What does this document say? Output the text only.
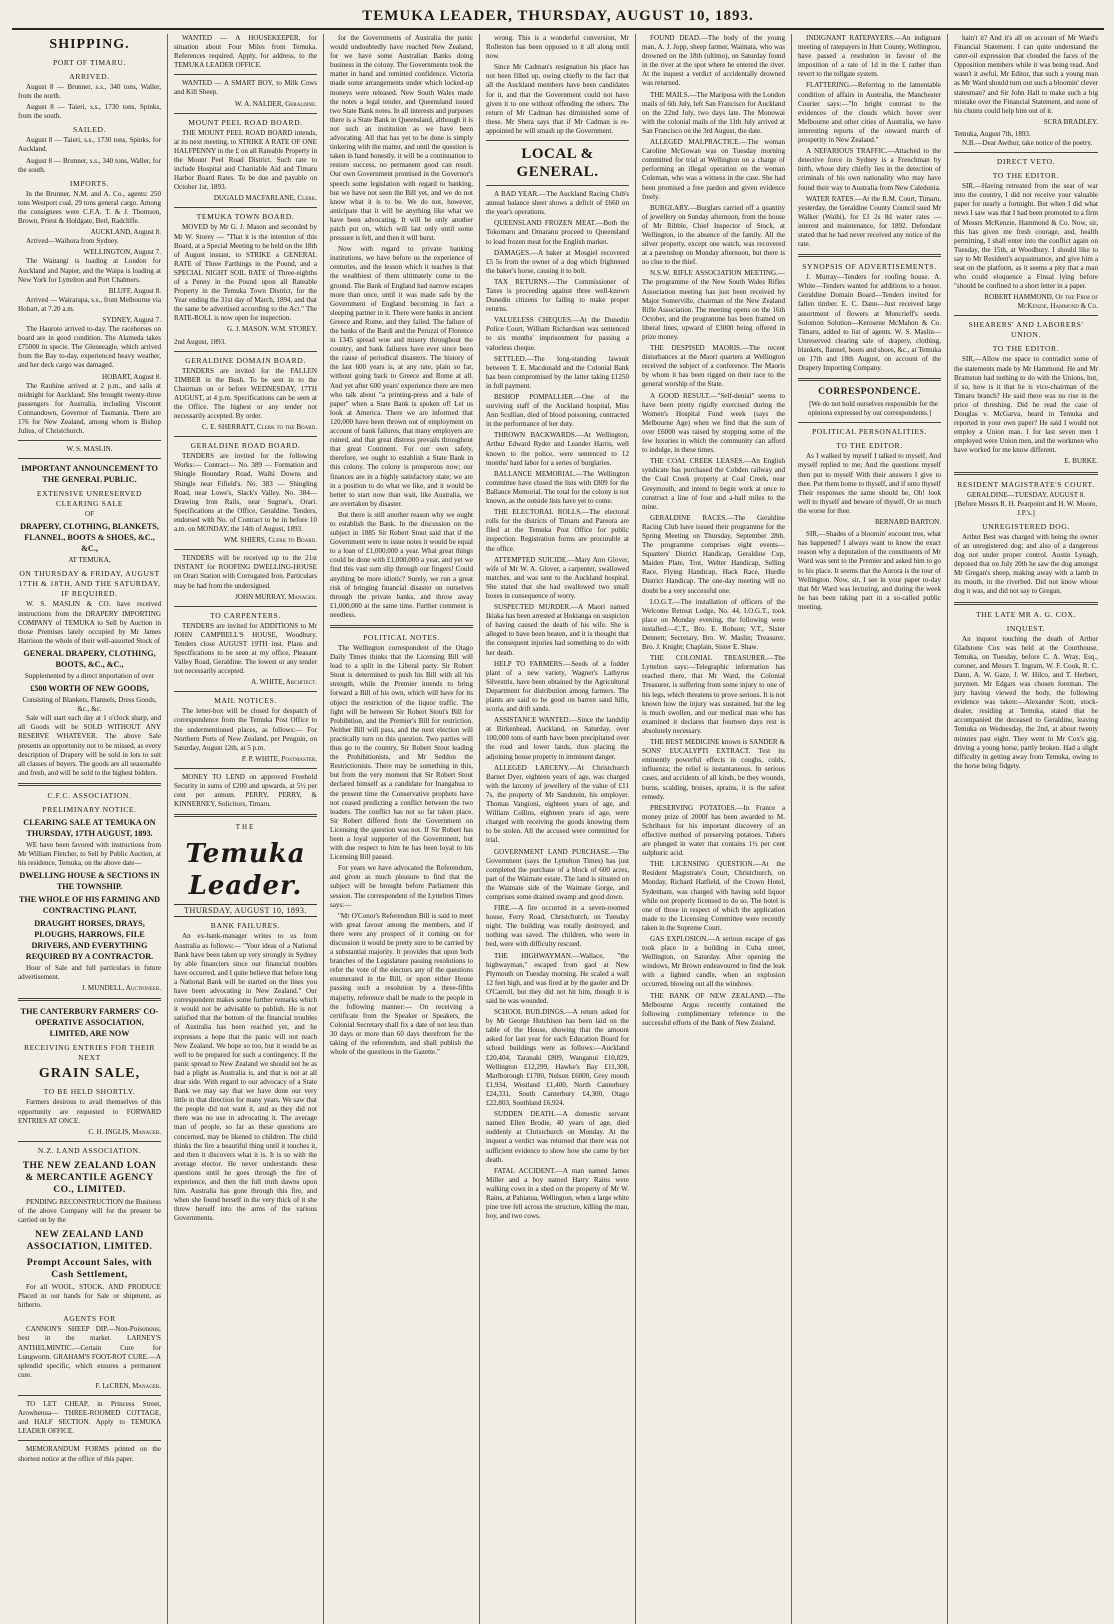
TEMUKA LEADER, THURSDAY, AUGUST 10, 1893.
SHIPPING.
PORT OF TIMARU.
ARRIVED.

August 8 — Brunner, s.s., 340 tons, Waller, from the north.

August 8 — Taieri, s.s., 1730 tons, Spinks, from the south.

SAILED.

August 8 — Taieri, s.s., 1730 tons, Spinks, for Auckland.

August 8 — Brunner, s.s., 340 tons, Waller, for the south.

IMPORTS.

In the Brunner, N.M. and A. Co., agents: 250 tons Westport coal, 29 tons general cargo. Among the consignees were C.F.A. T. & J. Thomson, Brown, Priest & Holdgate, Berl, Radcliffe.

AUCKLAND, August 8.

Arrived—Waihora from Sydney.

WELLINGTON, August 7.

The Waitangi is loading at London for Auckland and Napier, and the Waipa is loading at New York for Lyttelton and Port Chalmers.

BLUFF, August 8.

Arrived — Wairarapa, s.s., from Melbourne via Hobart, at 7.20 a.m.

SYDNEY, August 7.

The Hauroto arrived to-day. The racehorses on board are in good condition. The Alameda takes £75000 in specie. The Gleneeagle, which arrived from the Bay to-day, experienced heavy weather, and her deck cargo was damaged.

HOBART, August 8.

The Rauhine arrived at 2 p.m., and sails at midnight for Auckland. She brought twenty-three passengers for Australia, including Viscount Cotmandown, Governor of Tasmania. There are 176 for New Zealand, among whom is Bishop Julius, of Christchurch.

W. S. MASLIN.
IMPORTANT ANNOUNCEMENT TO THE GENERAL PUBLIC.
EXTENSIVE UNRESERVED CLEARING SALE
OF
DRAPERY, CLOTHING, BLANKETS, FLANNEL, BOOTS & SHOES, &C., &C.,
AT TEMUKA,
ON THURSDAY & FRIDAY, AUGUST 17TH & 18TH, AND THE SATURDAY, IF REQUIRED.

W. S. MASLIN & CO. have received instructions from the DRAPERY IMPORTING COMPANY of TEMUKA to Sell by Auction in those Premises lately occupied by Mr James Harrison the whole of their well-assorted Stock of

GENERAL DRAPERY, CLOTHING, BOOTS, &C., &C.,
Supplemented by a direct importation of over
£500 WORTH OF NEW GOODS,
Consisting of Blankets, Flannels, Dress Goods, &c., &c.

Sale will start each day at 1 o'clock sharp, and all Goods will be SOLD WITHOUT ANY RESERVE WHATEVER. The above Sale presents an opportunity not to be missed, as every description of Drapery will be sold in lots to suit all classes of buyers. The goods are all seasonable and fresh, and will be sold to the highest bidders.

C.F.C. ASSOCIATION.
PRELIMINARY NOTICE.
CLEARING SALE AT TEMUKA ON THURSDAY, 17TH AUGUST, 1893.

WE have been favored with instructions from Mr William Fletcher, to Sell by Public Auction, at his residence, Temuka, on the above date—

DWELLING HOUSE & SECTIONS IN THE TOWNSHIP.
THE WHOLE OF HIS FARMING AND CONTRACTING PLANT,
DRAUGHT HORSES, DRAYS, PLOUGHS, HARROWS, FILE DRIVERS, AND EVERYTHING REQUIRED BY A CONTRACTOR.

Hour of Sale and full particulars in future advertisement.

J. MUNDELL, Auctioneer.
THE CANTERBURY FARMERS' CO-OPERATIVE ASSOCIATION, LIMITED, ARE NOW
RECEIVING ENTRIES FOR THEIR NEXT
GRAIN SALE,
TO BE HELD SHORTLY.

Farmers desirous to avail themselves of this opportunity are requested to FORWARD ENTRIES AT ONCE.

C. H. INGLIS, Manager.
N.Z. LAND ASSOCIATION.
THE NEW ZEALAND LOAN & MERCANTILE AGENCY CO., LIMITED.

PENDING RECONSTRUCTION the Business of the above Company will for the present be carried on by the

NEW ZEALAND LAND ASSOCIATION, LIMITED.
Prompt Account Sales, with Cash Settlement,

For all WOOL, STOCK, AND PRODUCE Placed in our hands for Sale or shipment, as hitherto.

AGENTS FOR

CANNON'S SHEEP DIP.—Non-Poisonous; best in the market. LARNEY'S ANTHELMINTIC.—Certain Cure for Lungworm. GRAHAM'S FOOT-ROT CURE.—A splendid specific, which ensures a permanent cure.

F. LeCREN, Manager.

TO LET CHEAP, in Princess Street, Arowhenua— THREE-ROOMED COTTAGE, and HALF SECTION. Apply to TEMUKA LEADER OFFICE.

MEMORANDUM FORMS printed on the shortest notice at the office of this paper.

WANTED — A HOUSEKEEPER, for situation about Four Miles from Temuka. References required. Apply, for address, to the TEMUKA LEADER OFFICE.

WANTED — A SMART BOY, to Milk Cows and Kill Sheep.

W. A. NALDER, Geraldine.
MOUNT PEEL ROAD BOARD.

THE MOUNT PEEL ROAD BOARD intends, at its next meeting, to STRIKE A RATE OF ONE HALFPENNY in the £ on all Rateable Property in the Mount Peel Road District. Such rate to include Hospital and Charitable Aid and Timaru Harbor Board Rates. To be due and payable on October 1st, 1893.

DUGALD MACFARLANE, Clerk.
TEMUKA TOWN BOARD.

MOVED by Mr G. J. Mason and seconded by Mr W. Storey — "That it is the intention of this Board, at a Special Meeting to be held on the 18th of August instant, to STRIKE a GENERAL RATE of Three Farthings in the Pound, and a SPECIAL NIGHT SOIL RATE of Three-eighths of a Penny in the Pound upon all Rateable Property in the Temuka Town District, for the Year ending the 31st day of March, 1894, and that the same be advertised according to the Act." The RATE-ROLL is now open for inspection.

G. J. MASON. W.M. STOREY.
2nd August, 1893.
GERALDINE DOMAIN BOARD.

TENDERS are invited for the FALLEN TIMBER in the Bush. To be sent in to the Chairman on or before WEDNESDAY, 17TH AUGUST, at 4 p.m. Specifications can be seen at the Office. The highest or any tender not necessarily accepted. By order.

C. E. SHERRATT, Clerk to the Board.
GERALDINE ROAD BOARD.

TENDERS are invited for the following Works:— Contract— No. 389 — Formation and Shingle Boundary Road, Waihi Downs and Shingle near Fifield's. No. 383 — Shingling Road, near Lowe's, Slack's Valley. No. 384—Drawing Iron Rails, near Sugrue's, Orari. Specifications at the Office, Geraldine. Tenders, endorsed with No. of Contract to be in before 10 a.m. on MONDAY, the 14th of August, 1893.

WM. SHIERS, Clerk to Board.

TENDERS will be received up to the 21st INSTANT for ROOFING DWELLING-HOUSE on Orari Station with Corrugated Iron. Particulars may be had from the undersigned.

JOHN MURRAY, Manager.
TO CARPENTERS.

TENDERS are invited for ADDITIONS to Mr JOHN CAMPBELL'S HOUSE, Woodbury. Tenders close AUGUST 19TH inst. Plans and Specifications to be seen at my office, Pleasant Valley Road, Geraldine. The lowest or any tender not necessarily accepted.

A. WHITE, Architect.
MAIL NOTICES.

The letter-box will be closed for despatch of correspondence from the Temuka Post Office to the undermentioned places, as follows:— For Northern Ports of New Zealand, per Penguin, on Saturday, August 12th, at 5 p.m.

P. P. WHITE, Postmaster.

MONEY TO LEND on approved Freehold Security in sums of £200 and upwards, at 5½ per cent per annum. PERRY, PERRY, & KINNERNEY, Solicitors, Timaru.

THE
Temuka Leader.
THURSDAY, AUGUST 10, 1893.
BANK FAILURES.

An ex-bank-manager writes to us from Australia as follows:— "Your ideas of a National Bank have been taken up very strongly in Sydney by able financiers since our financial troubles have occurred, and I quite believe that before long a National Bank will be started on the lines you have been advocating in New Zealand." Our correspondent makes some further remarks which it would not be advisable to publish. He is not satisfied that the bottom of the financial troubles of Australia has been reached yet, and he expresses a hope that the panic will not reach New Zealand. We hope so too, but it would be as well to be prepared for such a contingency. If the panic spread to New Zealand we should not be as bad a plight as Australia is, and that is not at all dear side. With regard to our advocacy of a State Bank we may say that we have done our very little in that direction for many years. We saw that the people did not want it, and as they did not there was no use in advocating it. The average man of people, so far as these questions are concerned, may be likened to children. The child thinks the fire a beautiful thing until it touches it, and then it discovers what it is. It is so with the average elector. He never understands these questions until he goes through the fire of experience, and then the full truth dawns upon him. Australia has gone through this fire, and when she found herself in the very thick of it she threw herself into the arms of the various Governments.

for the Governments of Australia the panic would undoubtedly have reached New Zealand, for we have some Australian Banks doing business in the colony. The Governments took the matter in hand and remitted confidence. Victoria made some arrangements under which locked-up moneys were released. New South Wales made the notes a legal tender, and Queensland issued two State Bank notes. In all interests and purposes there is a State Bank in Queensland, although it is not such an institution as we have been advocating. All that has yet to be done is simply tinkering with the matter, and until the question is taken in hand honestly, it will be a continuation to restore success, no permanent good can result. Our own Government promised in the Governor's speech some legislation with regard to banking, but we have not seen the Bill yet, and we do not know what it is to be. We do not, however, anticipate that it will be anything like what we have been advocating. It will be only another patch put on, which will last only until some pressure is felt, and then it will burst.

Now with regard to private banking institutions, we have before us the experience of centuries, and the lesson which it teaches is that the wealthiest of them ultimately come to the ground. The Bank of England had narrow escapes more than once, until it was made safe by the Government of England becoming in fact a sleeping partner in it. There were banks in ancient Greece and Rome, and they failed. The failure of the banks of the Bardi and the Peruzzi of Florence in 1345 spread woe and misery throughout the country, and bank failures have ever since been the cause of periodical disasters. The history of the last 600 years is, at any rate, plain so far, without going back to Greece and Rome at all. And yet after 600 years' experience there are men who talk about "a printing-press and a bale of paper" when a State Bank is spoken of! Let us look at America. There we are informed that 120,000 have been thrown out of employment on account of bank failures, that many employers are ruined, and that great distress prevails throughout that great Continent. For our own safety, therefore, we ought to establish a State Bank in this colony. The colony is prosperous now; our finances are in a highly satisfactory state; we are in a position to do what we like, and it would be better to start now than wait, like Australia, we are overtaken by disaster.

But there is still another reason why we ought to establish the Bank. In the discussion on the subject in 1885 Sir Robert Stout said that if the Government were to issue notes it would be equal to a loan of £1,000,000 a year. What great things could be done with £1,000,000 a year, and yet we find this vast sum slip through our fingers! Could anything be more idiotic? Surely, we run a great risk of bringing financial disaster on ourselves through the private banks, and throw away £1,000,000 at the same time. Further comment is needless.

POLITICAL NOTES.

The Wellington correspondent of the Otago Daily Times thinks that the Licensing Bill will lead to a split in the Liberal party. Sir Robert Stout is determined to push his Bill with all his strength, while the Premier intends to bring forward a Bill of his own, which will have for its object the restriction of the liquor traffic. The fight will be between Sir Robert Stout's Bill for Prohibition, and the Premier's Bill for restriction. Neither Bill will pass, and the next election will practically turn on this question. Two parties will thus go to the country, Sir Robert Stout leading the Prohibitionists, and Mr Seddon the Restrictionists. There may be something in this, but from the very moment that Sir Robert Stout declared himself as a candidate for Inangahua to the present time the Conservative prophets have not ceased predicting a conflict between the two leaders. The conflict has not so far taken place. Sir Robert differed from the Government on Licensing the question was not. If Sir Robert has been a loyal supporter of the Government, but with due respect to him he has been loyal to his Licensing Bill passed.

For years we have advocated the Referendum, and given as much pleasure to find that the subject will be brought before Parliament this session. The correspondent of the Lyttelton Times says:—

"Mr O'Conor's Referendum Bill is said to meet with great favour among the members, and if there were any prospect of it coming on for discussion it would be pretty sure to be carried by a substantial majority. It provides that upon both branches of the Legislature passing resolutions to refer the vote of the electors any of the questions enumerated in the Bill, or upon either House passing such a resolution by a three-fifths majority, reference shall be made to the people in the following manner:— On receiving a certificate from the Speaker or Speakers, the Colonial Secretary shall fix a date of not less than 30 days or more than 60 days therefrom for the taking of the referendum, and shall publish the whole of the questions in the Gazette."

wrong. This is a wonderful conversion, Mr Rolleston has been opposed to it all along until now.

Since Mr Cadman's resignation his place has not been filled up, owing chiefly to the fact that all the Auckland members have been candidates for it, and that the Government could not have given it to one without offending the others. The return of Mr Cadman has diminished some of these. Mr Shera says that if Mr Cadman is re-appointed he will smash up the Government.

LOCAL & GENERAL.

A BAD YEAR.—The Auckland Racing Club's annual balance sheet shows a deficit of £660 on the year's operations.

QUEENSLAND FROZEN MEAT.—Both the Tokomaru and Omaranu proceed to Queensland to load frozen meat for the English market.

DAMAGES.—A baker at Mosgiel recovered £5 5s from the owner of a dog which frightened the baker's horse, causing it to bolt.

TAX RETURNS.—The Commissioner of Taxes is proceeding against three well-known Dunedin citizens for failing to make proper returns.

VALUELESS CHEQUES.—At the Dunedin Police Court, William Richardson was sentenced to six months' imprisonment for passing a valueless cheque.

SETTLED.—The long-standing lawsuit between T. E. Macdonald and the Colonial Bank has been compromised by the latter taking £1250 in full payment.

BISHOP POMPALLIER.—One of the surviving staff of the Auckland hospital, Miss Ann Scullian, died of blood poisoning, contracted in the performance of her duty.

THROWN BACKWARDS.—At Wellington, Arthur Edward Ryder and Leander Harris, well known to the police, were sentenced to 12 months' hard labor for a series of burglaries.

BALLANCE MEMORIAL.—The Wellington committee have closed the lists with £809 for the Ballance Memorial. The total for the colony is not known, as the outside lists have yet to come.

THE ELECTORAL ROLLS.—The electoral rolls for the districts of Timaru and Pareora are filed at the Temuka Post Office for public inspection. Registration forms are procurable at the office.

ATTEMPTED SUICIDE.—Mary Ann Glover, wife of Mr W. A. Glover, a carpenter, swallowed matches, and was sent to the Auckland hospital. She stated that she had swallowed two small boxes in consequence of worry.

SUSPECTED MURDER.—A Maori named Ikiaka has been arrested at Hokianga on suspicion of having caused the death of his wife. She is alleged to have been beaten, and it is thought that the consequent injuries had something to do with her death.

HELP TO FARMERS.—Seeds of a fodder plant of a new variety, Wagner's Lathyrus Silvestris, have been obtained by the Agricultural Department for distribution among farmers. The plants are said to be good on barren sand hills, scoria, and drift sands.

ASSISTANCE WANTED.—Since the landslip at Birkenhead, Auckland, on Saturday, over 100,000 tons of earth have been precipitated over the road and lower lands, thus placing the adjoining house property in imminent danger.

ALLEGED LARCENY.—At Christchurch Barnet Dyer, eighteen years of age, was charged with the larceny of jewellery of the value of £11 7s, the property of Mr Sandstein, his employer. Thomas Vangioni, eighteen years of age, and William Collins, eighteen years of age, were charged with receiving the goods knowing them to be stolen. All the accused were committed for trial.

GOVERNMENT LAND PURCHASE.—The Government (says the Lyttelton Times) has just completed the purchase of a block of 600 acres, part of the Waimate estate. The land is situated on the Waimate side of the Waimate Gorge, and comprises some drained swamp and good down.

FIRE.—A fire occurred in a seven-roomed house, Ferry Road, Christchurch, on Tuesday night. The building was totally destroyed, and nothing was saved. The children, who were in bed, were with difficulty rescued.

THE HIGHWAYMAN.—Wallace, "the highwayman," escaped from gaol at New Plymouth on Tuesday morning. He scaled a wall 12 feet high, and was fired at by the gaoler and Dr O'Carroll, but they did not hit him, though it is said he was wounded.

SCHOOL BUILDINGS.—A return asked for by Mr George Hutchison has been laid on the table of the House, showing that the amount asked for last year for each Education Board for school buildings were as follows:—Auckland £20,404, Taranaki £809, Wanganui £10,829, Wellington £12,299, Hawke's Bay £11,308, Marlborough £1780, Nelson £6000, Grey mouth £1,934, Westland £1,400, North Canterbury £24,331, South Canterbury £4,300, Otago £22,803, Southland £6,924.

SUDDEN DEATH.—A domestic servant named Ellen Brodie, 40 years of age, died suddenly at Christchurch on Monday. At the inquest a verdict was returned that there was not sufficient evidence to show how she came by her death.

FATAL ACCIDENT.—A man named James Miller and a boy named Harry Rains were walking cows in a shed on the property of Mr W. Rains, at Pahiatua, Wellington, when a large white pine tree fell across the structure, killing the man, boy, and two cows.

FOUND DEAD.—The body of the young man, A. J. Jopp, sheep farmer, Waimata, who was drowned on the 18th (ultimo), on Saturday found in the river at the spot where he entered the river. At the inquest a verdict of accidentally drowned was returned.

THE MAILS.—The Mariposa with the London mails of 6th July, left San Francisco for Auckland on the 22nd July, two days late. The Monowai with the colonial mails of the 11th July arrived at San Francisco on the 3rd August, the date.

ALLEGED MALPRACTICE.—The woman Caroline McGowan was on Tuesday morning committed for trial at Wellington on a charge of performing an illegal operation on the woman Coleman, who was a witness in the case. She had been promised a free pardon and given evidence freely.

BURGLARY.—Burglars carried off a quantity of jewellery on Sunday afternoon, from the house of Mr Ribble, Chief Inspector of Stock, at Wellington, in the absence of the family. All the silver property, except one watch, was recovered at a pawnshop on Monday afternoon, but there is no clue to the thief.

N.S.W. RIFLE ASSOCIATION MEETING.—The programme of the New South Wales Rifles Association meeting has just been received by Major Somerville, chairman of the New Zealand Rifle Association. The meeting opens on the 16th October, and the programme has been framed on liberal lines, upward of £3000 being offered in prize money.

THE DESPISED MAORIS.—The recent disturbances at the Maori quarters at Wellington received the subject of a conference. The Maoris by whom it has been rigged on their race to the general worship of the State.

A GOOD RESULT.—"Self-denial" seems to have been pretty rigidly exercised during the Women's Hospital Fund week (says the Melbourne Age) when we find that the sum of over £6000 was raised by stopping some of the few luxuries in which the community can afford to indulge, in these times.

THE COAL CREEK LEASES.—An English syndicate has purchased the Cobden railway and the Coal Creek property at Coal Creek, near Greymouth, and intend to begin work at once to construct a line of four and a-half miles to the mine.

GERALDINE RACES.—The Geraldine Racing Club have issued their programme for the Spring Meeting on Thursday, September 28th. The programme comprises eight events—Squatters' District Handicap, Geraldine Cup, Maiden Plate, Trot, Welter Handicap, Selling Race, Flying Handicap, Hack Race, Hurdle District Handicap. The one-day meeting will no doubt be a very successful one.

I.O.G.T.—The installation of officers of the Welcome Retreat Lodge, No. 44, I.O.G.T., took place on Monday evening, the following were installed:—C.T., Bro. E. Robson; V.T., Sister Dennett; Secretary, Bro. W. Maslin; Treasurer, Bro. J. Knight; Chaplain, Sister E. Shaw.

THE COLONIAL TREASURER.—The Lyttelton says:—Telegraphic information has reached there, that Mr Ward, the Colonial Treasurer, is suffering from some injury to one of his legs, which threatens to prove serious. It is not known how the injury was sustained, but the leg is much swollen, and our medical man who has examined it declares that fourteen days rest is absolutely necessary.

THE BEST MEDICINE known is SANDER & SONS' EUCALYPTI EXTRACT. Test its eminently powerful effects in coughs, colds, influenza; the relief is instantaneous. In serious cases, and accidents of all kinds, be they wounds, burns, scalding, bruises, sprains, it is the safest remedy.

PRESERVING POTATOES.—In France a money prize of 2000f has been awarded to M. Schribaux for his important discovery of an effective method of preserving potatoes. Tubers are plunged in water that contains 1½ per cent sulphuric acid.

THE LICENSING QUESTION.—At the Resident Magistrate's Court, Christchurch, on Monday, Richard Hatfield, of the Crown Hotel, Sydenham, was charged with having sold liquor while not properly licensed to do so. The hotel is one of those in respect of which the application made to the Licensing Committee were recently taken in the Supreme Court.

GAS EXPLOSION.—A serious escape of gas took place in a building in Cuba street, Wellington, on Saturday. After opening the windows, Mr Brown endeavoured to find the leak with a lighted candle, when an explosion occurred, blowing out all the windows.

THE BANK OF NEW ZEALAND.—The Melbourne Argus recently contained the following complimentary reference to the successful efforts of the Bank of New Zealand.

INDIGNANT RATEPAYERS.—An indignant meeting of ratepayers in Hutt County, Wellington, have passed a resolution in favour of the imposition of a rate of 1d in the £ rather than revert to the tollgate system.

FLATTERING.—Referring to the lamentable condition of affairs in Australia, the Manchester Courier says:—"In bright contrast to the evidences of the clouds which hover over Melbourne and other cities of Australia, we have interesting reports of the onward march of prosperity in New Zealand."

A NEFARIOUS TRAFFIC.—Attached to the detective force in Sydney is a Frenchman by birth, whose duty chiefly lies in the detection of criminals of his own nationality who may have found their way to Australia from New Caledonia.

WATER RATES.—At the R.M. Court, Timaru, yesterday, the Geraldine County Council sued Mr Walker (Waihi), for £1 2s 8d water rates — interest and maintenance, for 1892. Defendant stated that he had never received any notice of the rate.

SYNOPSIS OF ADVERTISEMENTS.

J. Murray—Tenders for roofing house. A. White—Tenders wanted for additions to a house. Geraldine Domain Board—Tenders invited for fallen timber. E. C. Dann—Just received large assortment of flowers at Moncrieff's seeds. Solomon Solution—Kerosene McMahon & Co. Timaru, added to list of agents. W. S. Maslin—Unreserved clearing sale of drapery, clothing, blankets, flannel, boots and shoes, &c., at Temuka on 17th and 18th August, on account of the Drapery Importing Company.

CORRESPONDENCE.

[We do not hold ourselves responsible for the opinions expressed by our correspondents.]

POLITICAL PERSONALITIES.
TO THE EDITOR.

As I walked by myself I talked to myself, And myself replied to me; And the questions myself then put to myself With their answers I give to thee. Put them home to thyself, and if unto thyself Their responses the same should be, Oh! look well to thyself and beware of thyself, Or so much the worse for thee.

BERNARD BARTON.

SIR,—Shades of a bloomin' eocount tree, what has happened? I always want to know the exact reason why a deputation of the constituents of Mr Ward was sent to the Premier and asked him to go to his place. It seems that the Aurora is the tour of Wellington. Now, sir, I see in your paper to-day that Mr Ward was lecturing, and during the week he has been taking part in a so-called public meeting.

hain't it? And it's all on account of Mr Ward's Financial Statement. I can quite understand the cater-oil expression that clouded the faces of the Opposition members while it was being read. And wasn't it awful, Mr Editor, that such a young man as Mr Ward should turn out such a bloomin' clever statesman? and Sir John Hall to make such a big mistake over the Financial Statement, and none of his chums could help him out of it.

SCRA BRADLEY.
Temuka, August 7th, 1893.

N.B.—Dear Awthur, take notice of the poetry.

DIRECT VETO.
TO THE EDITOR.

SIR,—Having retreated from the seat of war into the country, I did not receive your valuable paper for nearly a fortnight. But when I did what news I saw was that I had been promoted to a firm of Messrs McKenzie, Hammond & Co. Now, sir, this has given me fresh courage, and, health permitting, I shall enter into the conflict again on Tuesday, the 15th, at Woodbury. I should like to say to Mr Resident's acquaintance, and give him a seat on the platform, as it seems a pity that a man who could eloquence a Finsal lying before "should be confined to a short letter in a paper.

ROBERT HAMMOND, Of the Firm of McKenzie, Hammond & Co.
SHEARERS' AND LABORERS' UNION.
TO THE EDITOR.

SIR,—Allow me space to contradict some of the statements made by Mr Hammond. He and Mr Bramston had nothing to do with the Unions, but, if so, how is it that he is vice-chairman of the Timaru branch? He said there was no rise in the price of threshing. Did he read the case of Douglas v. McGarva, heard in Temuka and reported in your own paper? He said I would not employ a Union man. I for last seven men I employed were Union men, and the workmen who have worked for me know different.

E. BURKE.
RESIDENT MAGISTRATE'S COURT.
GERALDINE—TUESDAY, AUGUST 8.
[Before Messrs R. H. Pearpoint and H. W. Moore, J.P.'s.]
UNREGISTERED DOG.

Arthur Best was charged with being the owner of an unregistered dog; and also of a dangerous dog not under proper control. Austin Lynagh, deposed that on July 20th he saw the dog amongst Mr Gregan's sheep, making away with a lamb in its mouth, in the riverbed. Did not know whose dog it was, and did not say to Gregan.

THE LATE MR A. G. COX.
INQUEST.

An inquest touching the death of Arthur Gladstone Cox was held at the Courthouse, Temuka, on Tuesday, before C. A. Wray, Esq., coroner, and Messrs T. Ingram, W. F. Cook, R. C. Dann, A. W. Gaze, J. W. Hilco, and T. Herbert, jurymen. Mr Edgars was chosen foreman. The jury having viewed the body, the following evidence was taken:—Alexander Scott, stock-dealer, residing at Temuka, stated that he accompanied the deceased to Geraldine, leaving Temuka on Wednesday, the 2nd, at about twenty minutes past eight. They went in Mr Cox's gig, driving a young horse, partly broken. Had a slight difficulty in getting away from Temuka, owing to the horse being fidgety.
